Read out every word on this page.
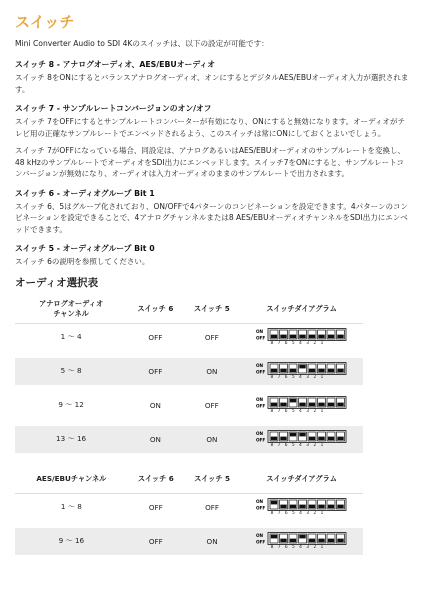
スイッチ
Mini Converter Audio to SDI 4Kのスイッチは、以下の設定が可能です：
スイッチ 8 - アナログオーディオ、AES/EBUオーディオ
スイッチ 8をONにするとバランスアナログオーディオ、オンにするとデジタルAES/EBUオーディオ入力が選択されます。
スイッチ 7 - サンプルレートコンバージョンのオン/オフ
スイッチ 7をOFFにするとサンプルレートコンバーターが有効になり、ONにすると無効になります。オーディオがテレビ用の正確なサンプルレートでエンベッドされるよう、このスイッチは常にONにしておくとよいでしょう。
スイッチ 7がOFFになっている場合、同設定は、アナログあるいはAES/EBUオーディオのサンプルレートを変換し、48 kHzのサンプルレートでオーディオをSDI出力にエンベッドします。スイッチ7をONにすると、サンプルレートコンバージョンが無効になり、オーディオは入力オーディオのままのサンプルレートで出力されます。
スイッチ 6 - オーディオグループ Bit 1
スイッチ 6、5はグループ化されており、ON/OFFで4パターンのコンビネーションを設定できます。4パターンのコンビネーションを設定できることで、4アナログチャンネルまたは8 AES/EBUオーディオチャンネルをSDI出力にエンベッドできます。
スイッチ 5 - オーディオグループ Bit 0
スイッチ 6の説明を参照してください。
オーディオ選択表
アナログオーディオ
チャンネル	スイッチ 6	スイッチ 5	スイッチダイアグラム
1 〜 4	OFF	OFF	ON
OFF
8 7 6 5 4 3 2 1

5 〜 8	OFF	ON	ON
OFF
8 7 6 5 4 3 2 1

9 〜 12	ON	OFF	ON
OFF
8 7 6 5 4 3 2 1

13 〜 16	ON	ON	ON
OFF
8 7 6 5 4 3 2 1
AES/EBUチャンネル	スイッチ 6	スイッチ 5	スイッチダイアグラム
1 〜 8	OFF	OFF	ON
OFF
8 7 6 5 4 3 2 1

9 〜 16	OFF	ON	ON
OFF
8 7 6 5 4 3 2 1
